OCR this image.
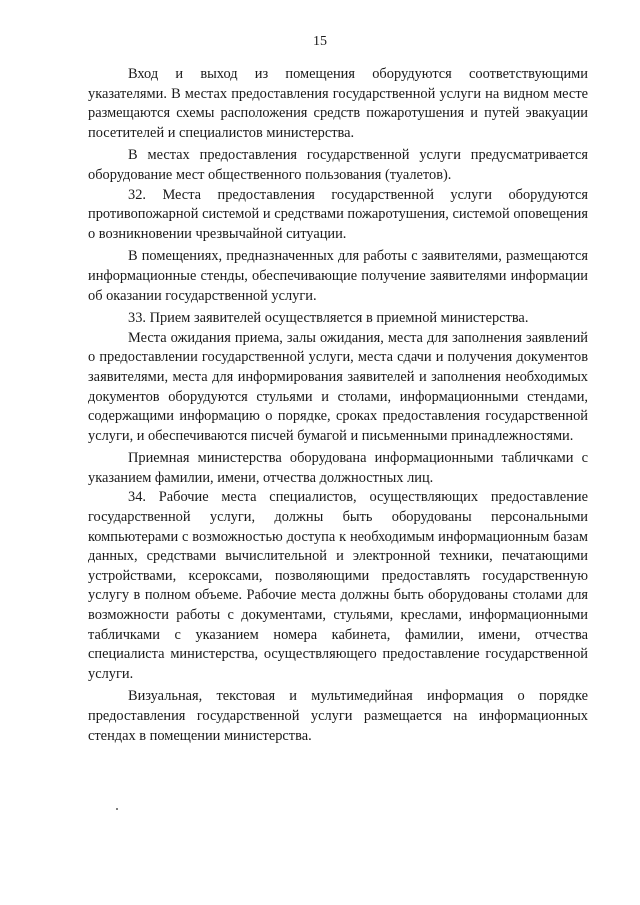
15

Вход и выход из помещения оборудуются соответствующими указателями. В местах предоставления государственной услуги на видном месте размещаются схемы расположения средств пожаротушения и путей эвакуации посетителей и специалистов министерства.

В местах предоставления государственной услуги предусматривается оборудование мест общественного пользования (туалетов).

32. Места предоставления государственной услуги оборудуются противопожарной системой и средствами пожаротушения, системой оповещения о возникновении чрезвычайной ситуации.

В помещениях, предназначенных для работы с заявителями, размещаются информационные стенды, обеспечивающие получение заявителями информации об оказании государственной услуги.

33. Прием заявителей осуществляется в приемной министерства.

Места ожидания приема, залы ожидания, места для заполнения заявлений о предоставлении государственной услуги, места сдачи и получения документов заявителями, места для информирования заявителей и заполнения необходимых документов оборудуются стульями и столами, информационными стендами, содержащими информацию о порядке, сроках предоставления государственной услуги, и обеспечиваются писчей бумагой и письменными принадлежностями.

Приемная министерства оборудована информационными табличками с указанием фамилии, имени, отчества должностных лиц.

34. Рабочие места специалистов, осуществляющих предоставление государственной услуги, должны быть оборудованы персональными компьютерами с возможностью доступа к необходимым информационным базам данных, средствами вычислительной и электронной техники, печатающими устройствами, ксероксами, позволяющими предоставлять государственную услугу в полном объеме. Рабочие места должны быть оборудованы столами для возможности работы с документами, стульями, креслами, информационными табличками с указанием номера кабинета, фамилии, имени, отчества специалиста министерства, осуществляющего предоставление государственной услуги.

Визуальная, текстовая и мультимедийная информация о порядке предоставления государственной услуги размещается на информационных стендах в помещении министерства.
